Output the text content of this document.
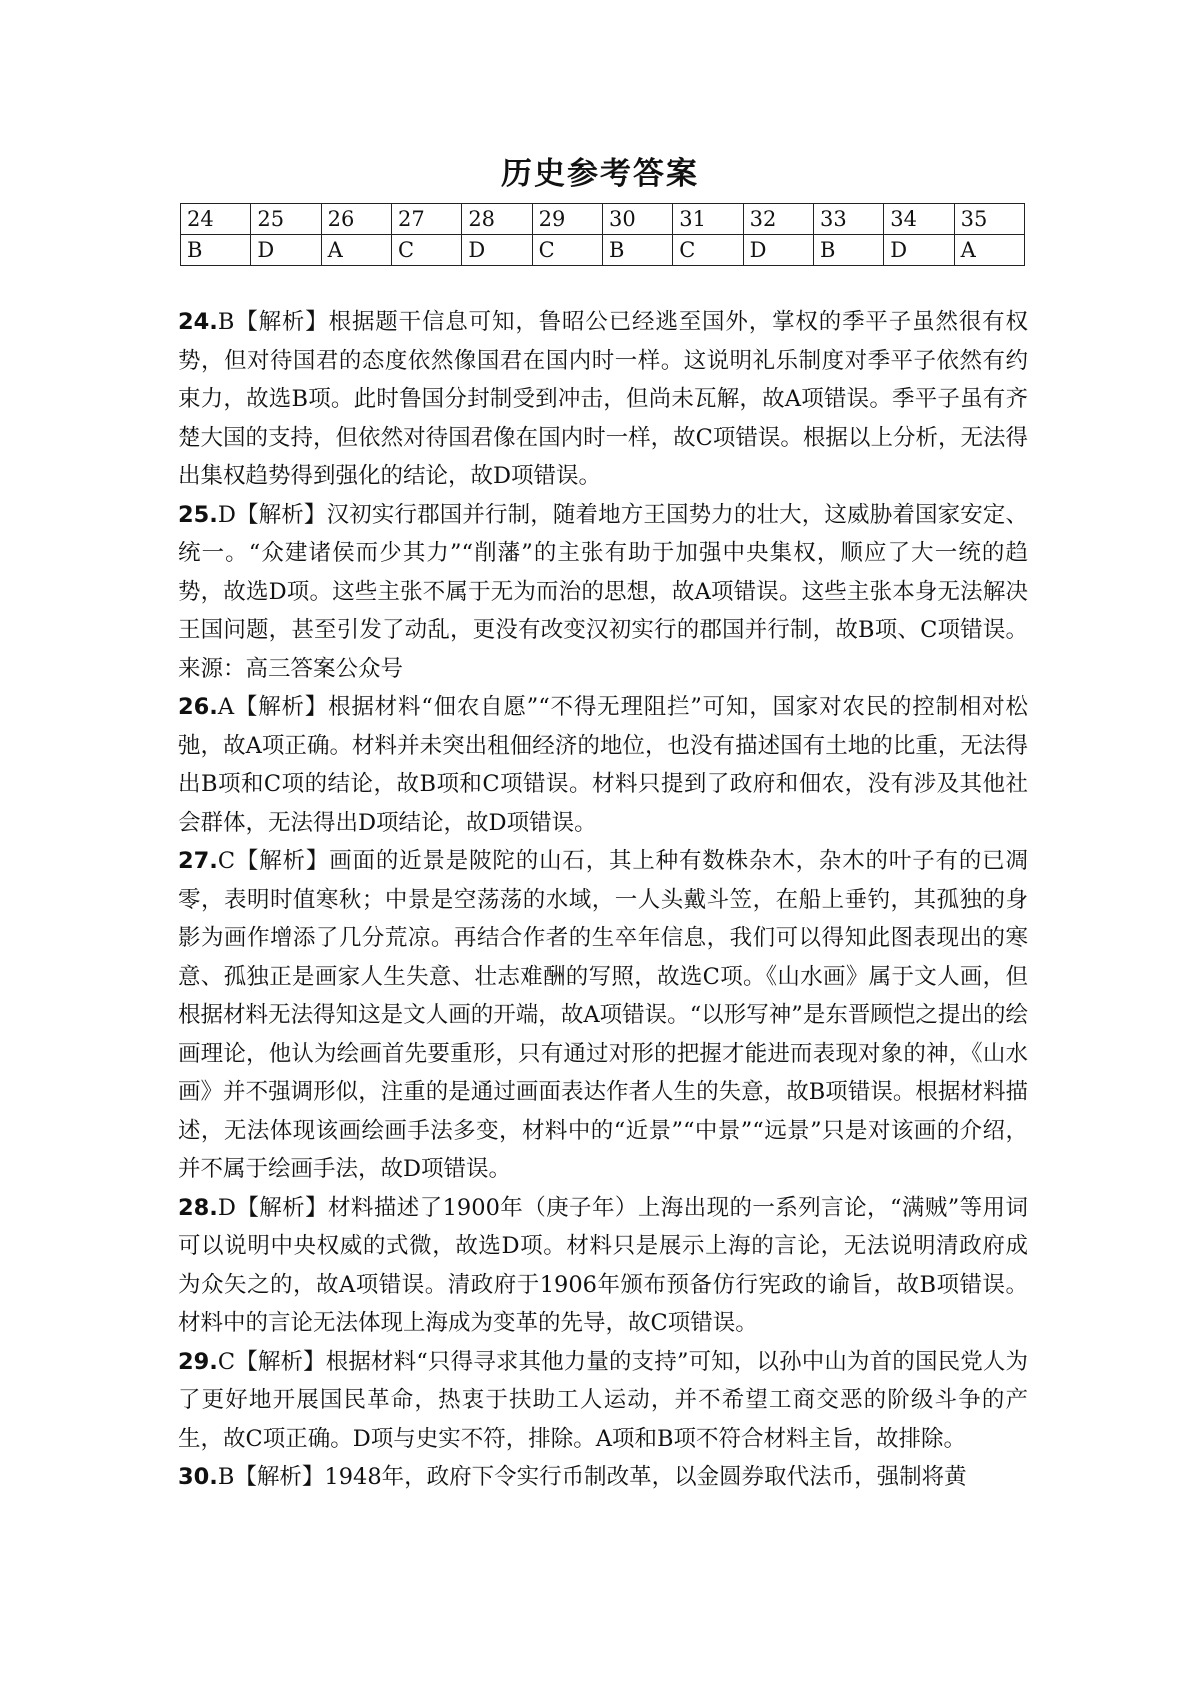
历史参考答案
24	25	26	27	28	29	30	31	32	33	34	35
B	D	A	C	D	C	B	C	D	B	D	A

24.B【解析】根据题干信息可知，鲁昭公已经逃至国外，掌权的季平子虽然很有权势，但对待国君的态度依然像国君在国内时一样。这说明礼乐制度对季平子依然有约束力，故选B项。此时鲁国分封制受到冲击，但尚未瓦解，故A项错误。季平子虽有齐楚大国的支持，但依然对待国君像在国内时一样，故C项错误。根据以上分析，无法得出集权趋势得到强化的结论，故D项错误。

25.D【解析】汉初实行郡国并行制，随着地方王国势力的壮大，这威胁着国家安定、统一。“众建诸侯而少其力”“削藩”的主张有助于加强中央集权，顺应了大一统的趋势，故选D项。这些主张不属于无为而治的思想，故A项错误。这些主张本身无法解决王国问题，甚至引发了动乱，更没有改变汉初实行的郡国并行制，故B项、C项错误。来源：高三答案公众号

26.A【解析】根据材料“佃农自愿”“不得无理阻拦”可知，国家对农民的控制相对松弛，故A项正确。材料并未突出租佃经济的地位，也没有描述国有土地的比重，无法得出B项和C项的结论，故B项和C项错误。材料只提到了政府和佃农，没有涉及其他社会群体，无法得出D项结论，故D项错误。

27.C【解析】画面的近景是陂陀的山石，其上种有数株杂木，杂木的叶子有的已凋零，表明时值寒秋；中景是空荡荡的水域，一人头戴斗笠，在船上垂钓，其孤独的身影为画作增添了几分荒凉。再结合作者的生卒年信息，我们可以得知此图表现出的寒意、孤独正是画家人生失意、壮志难酬的写照，故选C项。《山水画》属于文人画，但根据材料无法得知这是文人画的开端，故A项错误。“以形写神”是东晋顾恺之提出的绘画理论，他认为绘画首先要重形，只有通过对形的把握才能进而表现对象的神，《山水画》并不强调形似，注重的是通过画面表达作者人生的失意，故B项错误。根据材料描述，无法体现该画绘画手法多变，材料中的“近景”“中景”“远景”只是对该画的介绍，并不属于绘画手法，故D项错误。

28.D【解析】材料描述了1900年（庚子年）上海出现的一系列言论，“满贼”等用词可以说明中央权威的式微，故选D项。材料只是展示上海的言论，无法说明清政府成为众矢之的，故A项错误。清政府于1906年颁布预备仿行宪政的谕旨，故B项错误。材料中的言论无法体现上海成为变革的先导，故C项错误。

29.C【解析】根据材料“只得寻求其他力量的支持”可知，以孙中山为首的国民党人为了更好地开展国民革命，热衷于扶助工人运动，并不希望工商交恶的阶级斗争的产生，故C项正确。D项与史实不符，排除。A项和B项不符合材料主旨，故排除。

30.B【解析】1948年，政府下令实行币制改革，以金圆券取代法币，强制将黄
